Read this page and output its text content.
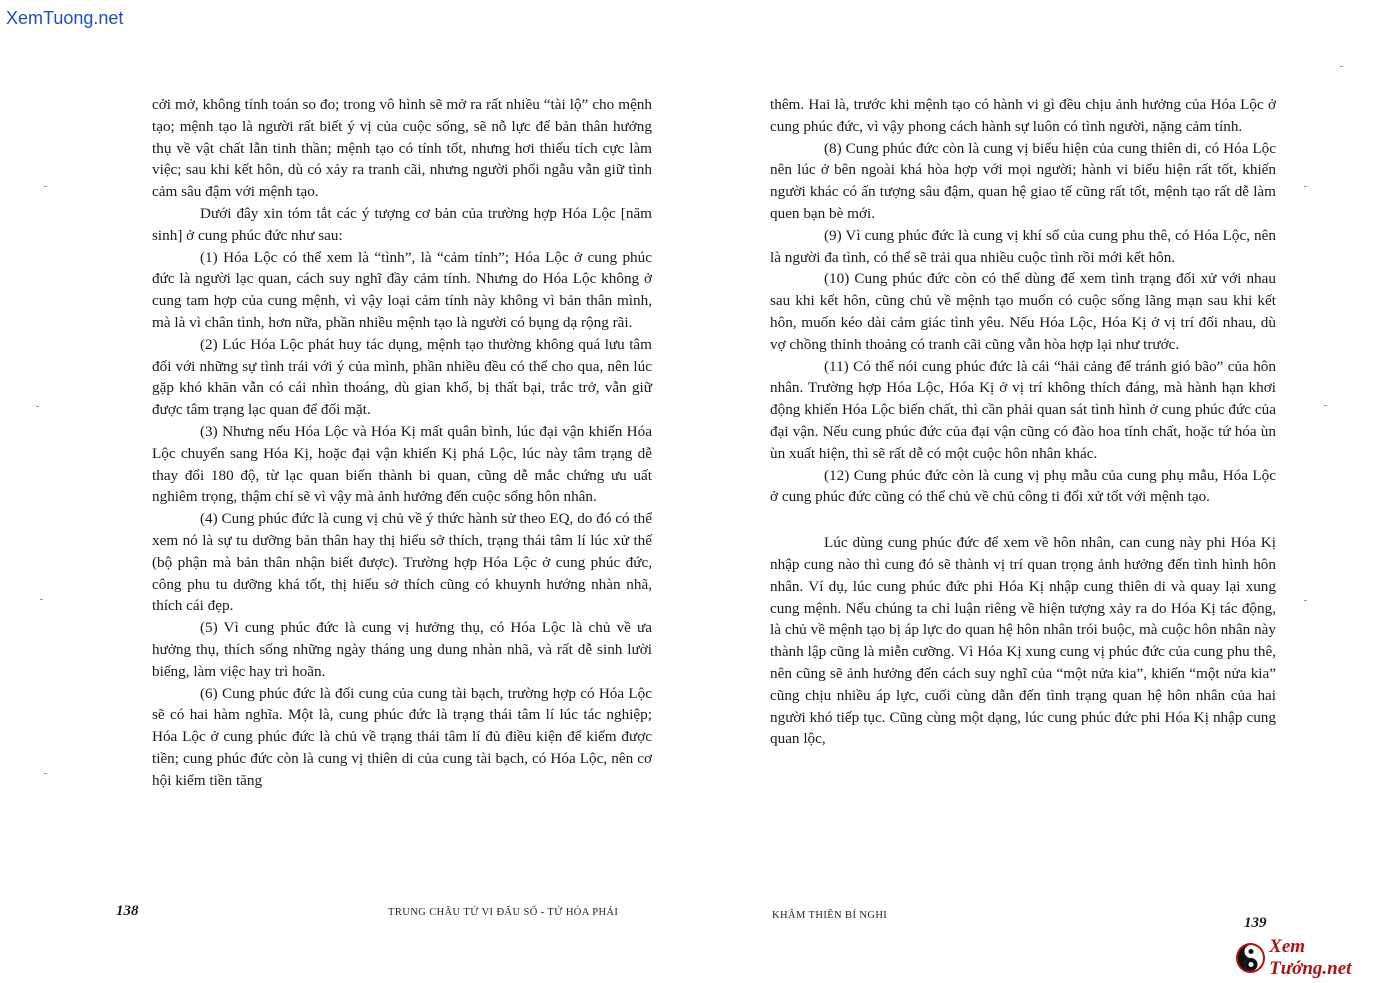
XemTuong.net

cởi mở, không tính toán so đo; trong vô hình sẽ mở ra rất nhiều “tài lộ” cho mệnh tạo; mệnh tạo là người rất biết ý vị của cuộc sống, sẽ nỗ lực để bản thân hưởng thụ về vật chất lẫn tinh thần; mệnh tạo có tính tốt, nhưng hơi thiếu tích cực làm việc; sau khi kết hôn, dù có xảy ra tranh cãi, nhưng người phối ngẫu vẫn giữ tình cảm sâu đậm với mệnh tạo.

Dưới đây xin tóm tắt các ý tượng cơ bản của trường hợp Hóa Lộc [năm sinh] ở cung phúc đức như sau:

(1) Hóa Lộc có thể xem là “tình”, là “cảm tính”; Hóa Lộc ở cung phúc đức là người lạc quan, cách suy nghĩ đầy cảm tính. Nhưng do Hóa Lộc không ở cung tam hợp của cung mệnh, vì vậy loại cảm tính này không vì bản thân mình, mà là vì chân tình, hơn nữa, phần nhiều mệnh tạo là người có bụng dạ rộng rãi.

(2) Lúc Hóa Lộc phát huy tác dụng, mệnh tạo thường không quá lưu tâm đối với những sự tình trái với ý của mình, phần nhiều đều có thể cho qua, nên lúc gặp khó khăn vẫn có cái nhìn thoáng, dù gian khổ, bị thất bại, trắc trở, vẫn giữ được tâm trạng lạc quan để đối mặt.

(3) Nhưng nếu Hóa Lộc và Hóa Kị mất quân bình, lúc đại vận khiến Hóa Lộc chuyển sang Hóa Kị, hoặc đại vận khiến Kị phá Lộc, lúc này tâm trạng dễ thay đổi 180 độ, từ lạc quan biến thành bi quan, cũng dễ mắc chứng ưu uất nghiêm trọng, thậm chí sẽ vì vậy mà ảnh hưởng đến cuộc sống hôn nhân.

(4) Cung phúc đức là cung vị chủ về ý thức hành sử theo EQ, do đó có thể xem nó là sự tu dưỡng bản thân hay thị hiếu sở thích, trạng thái tâm lí lúc xử thế (bộ phận mà bản thân nhận biết được). Trường hợp Hóa Lộc ở cung phúc đức, công phu tu dưỡng khá tốt, thị hiếu sở thích cũng có khuynh hướng nhàn nhã, thích cái đẹp.

(5) Vì cung phúc đức là cung vị hưởng thụ, có Hóa Lộc là chủ về ưa hưởng thụ, thích sống những ngày tháng ung dung nhàn nhã, và rất dễ sinh lười biếng, làm việc hay trì hoãn.

(6) Cung phúc đức là đối cung của cung tài bạch, trường hợp có Hóa Lộc sẽ có hai hàm nghĩa. Một là, cung phúc đức là trạng thái tâm lí lúc tác nghiệp; Hóa Lộc ở cung phúc đức là chủ về trạng thái tâm lí đủ điều kiện để kiếm được tiền; cung phúc đức còn là cung vị thiên di của cung tài bạch, có Hóa Lộc, nên cơ hội kiếm tiền tăng

138	TRUNG CHÂU TỨ VI ĐẨU SỐ - TỨ HÓA PHÁI

thêm. Hai là, trước khi mệnh tạo có hành vi gì đều chịu ảnh hưởng của Hóa Lộc ở cung phúc đức, vì vậy phong cách hành sự luôn có tình người, nặng cảm tính.

(8) Cung phúc đức còn là cung vị biểu hiện của cung thiên di, có Hóa Lộc nên lúc ở bên ngoài khá hòa hợp với mọi người; hành vi biểu hiện rất tốt, khiến người khác có ấn tượng sâu đậm, quan hệ giao tế cũng rất tốt, mệnh tạo rất dễ làm quen bạn bè mới.

(9) Vì cung phúc đức là cung vị khí số của cung phu thê, có Hóa Lộc, nên là người đa tình, có thể sẽ trải qua nhiều cuộc tình rồi mới kết hôn.

(10) Cung phúc đức còn có thể dùng để xem tình trạng đối xử với nhau sau khi kết hôn, cũng chủ về mệnh tạo muốn có cuộc sống lãng mạn sau khi kết hôn, muốn kéo dài cảm giác tình yêu. Nếu Hóa Lộc, Hóa Kị ở vị trí đối nhau, dù vợ chồng thỉnh thoảng có tranh cãi cũng vẫn hòa hợp lại như trước.

(11) Có thể nói cung phúc đức là cái “hải cảng để tránh gió bão” của hôn nhân. Trường hợp Hóa Lộc, Hóa Kị ở vị trí không thích đáng, mà hành hạn khơi động khiến Hóa Lộc biến chất, thì cần phải quan sát tình hình ở cung phúc đức của đại vận. Nếu cung phúc đức của đại vận cũng có đào hoa tính chất, hoặc tứ hóa ùn ùn xuất hiện, thì sẽ rất dễ có một cuộc hôn nhân khác.

(12) Cung phúc đức còn là cung vị phụ mẫu của cung phụ mẫu, Hóa Lộc ở cung phúc đức cũng có thể chủ về chủ công ti đối xử tốt với mệnh tạo.

Lúc dùng cung phúc đức để xem về hôn nhân, can cung này phi Hóa Kị nhập cung nào thì cung đó sẽ thành vị trí quan trọng ảnh hưởng đến tình hình hôn nhân. Ví dụ, lúc cung phúc đức phi Hóa Kị nhập cung thiên di và quay lại xung cung mệnh. Nếu chúng ta chỉ luận riêng về hiện tượng xảy ra do Hóa Kị tác động, là chủ về mệnh tạo bị áp lực do quan hệ hôn nhân trói buộc, mà cuộc hôn nhân này thành lập cũng là miễn cưỡng. Vì Hóa Kị xung cung vị phúc đức của cung phu thê, nên cũng sẽ ảnh hưởng đến cách suy nghĩ của “một nửa kia”, khiến “một nửa kia” cũng chịu nhiều áp lực, cuối cùng dẫn đến tình trạng quan hệ hôn nhân của hai người khó tiếp tục. Cũng cùng một dạng, lúc cung phúc đức phi Hóa Kị nhập cung quan lộc,

KHÂM THIÊN BÍ NGHI	139
Xem Tướng.net
